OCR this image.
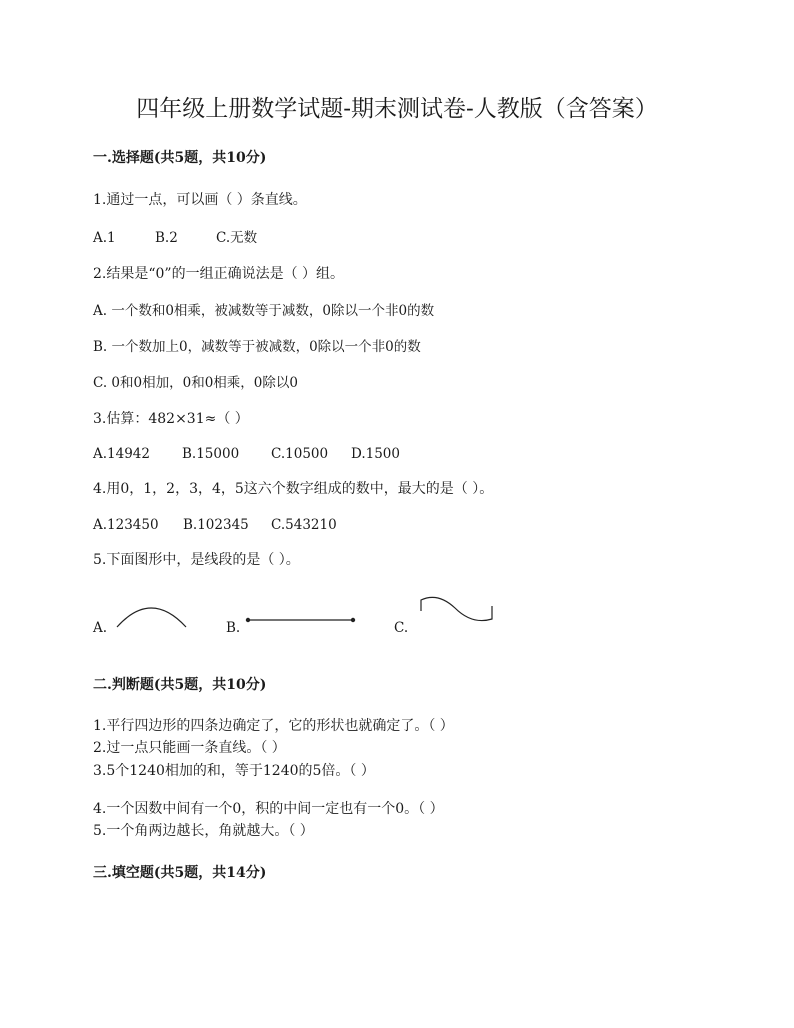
四年级上册数学试题-期末测试卷-人教版（含答案）
一.选择题(共5题，共10分)
1.通过一点，可以画（ ）条直线。
A.1	B.2	C.无数
2.结果是“0”的一组正确说法是（ ）组。
A. 一个数和0相乘，被减数等于减数，0除以一个非0的数
B. 一个数加上0，减数等于被减数，0除以一个非0的数
C. 0和0相加，0和0相乘，0除以0
3.估算：482×31≈（ ）
A.14942 B.15000 C.10500 D.1500
4.用0，1，2，3，4，5这六个数字组成的数中，最大的是（ ）。
A.123450 B.102345 C.543210
5.下面图形中，是线段的是（ ）。
A.	B.	C.
二.判断题(共5题，共10分)
1.平行四边形的四条边确定了，它的形状也就确定了。（ ）
2.过一点只能画一条直线。（ ）
3.5个1240相加的和，等于1240的5倍。（ ）
4.一个因数中间有一个0，积的中间一定也有一个0。（ ）
5.一个角两边越长，角就越大。（ ）
三.填空题(共5题，共14分)
